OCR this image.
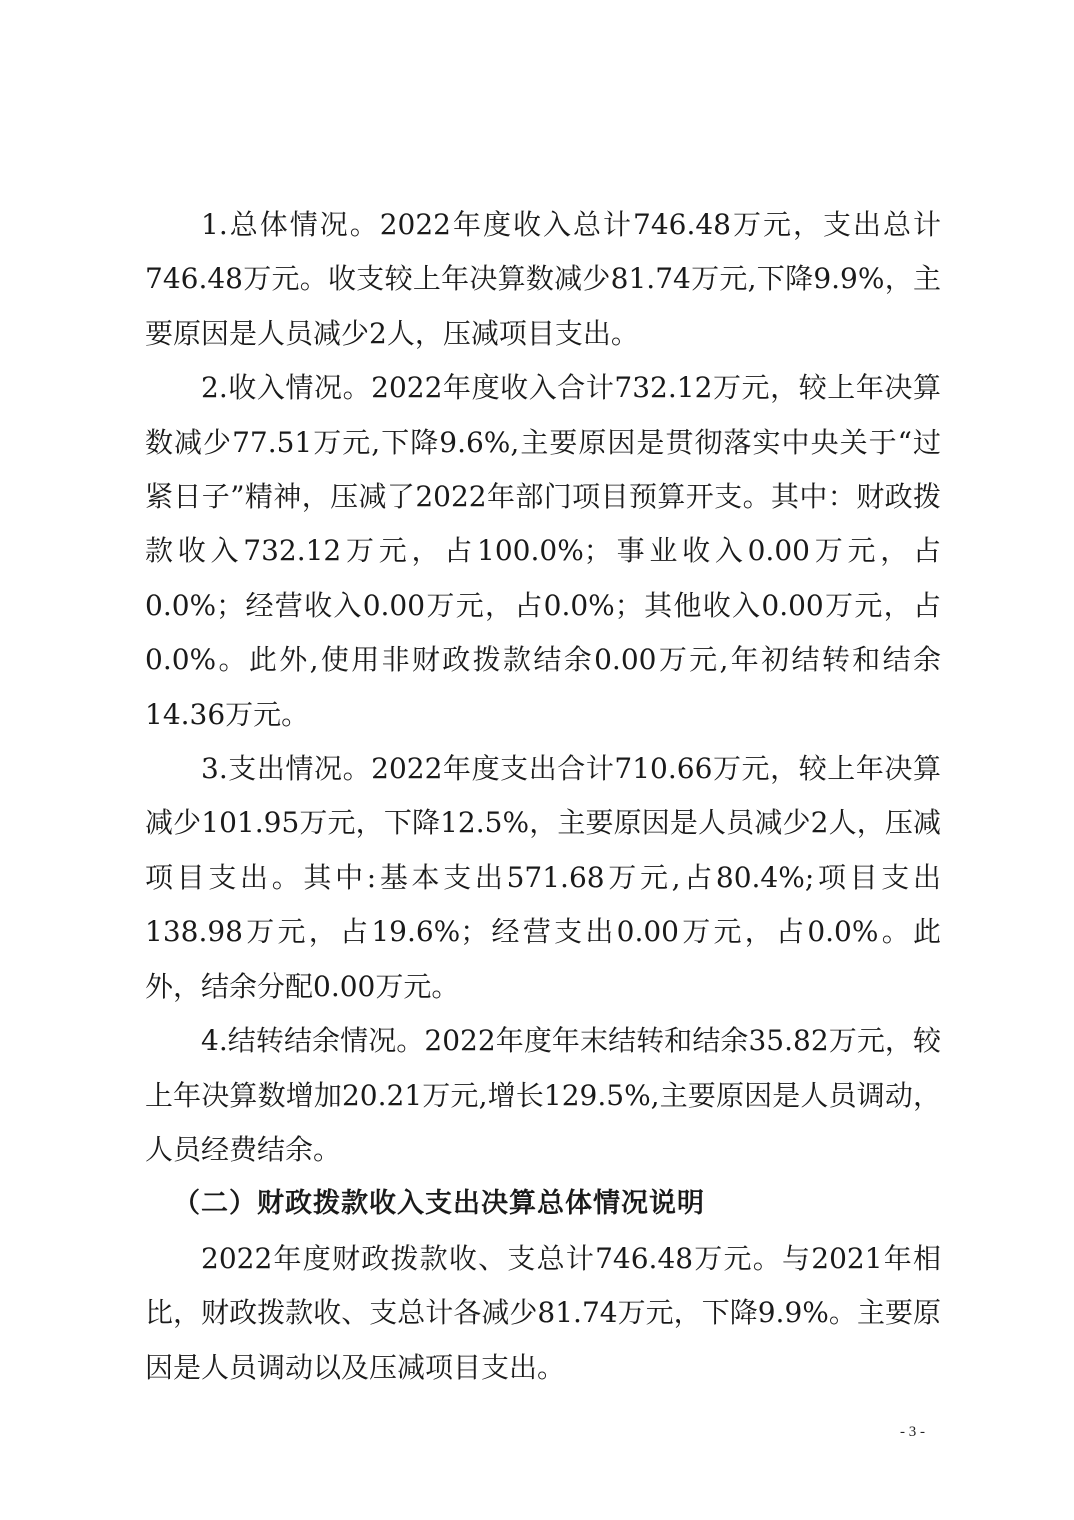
1.总体情况。2022年度收入总计746.48万元，支出总计746.48万元。收支较上年决算数减少81.74万元,下降9.9%，主要原因是人员减少2人，压减项目支出。

2.收入情况。2022年度收入合计732.12万元，较上年决算数减少77.51万元,下降9.6%,主要原因是贯彻落实中央关于“过紧日子”精神，压减了2022年部门项目预算开支。其中：财政拨款收入732.12万元，占100.0%；事业收入0.00万元，占0.0%；经营收入0.00万元，占0.0%；其他收入0.00万元，占0.0%。此外,使用非财政拨款结余0.00万元,年初结转和结余14.36万元。

3.支出情况。2022年度支出合计710.66万元，较上年决算减少101.95万元，下降12.5%，主要原因是人员减少2人，压减项目支出。其中:基本支出571.68万元,占80.4%;项目支出138.98万元，占19.6%；经营支出0.00万元，占0.0%。此外，结余分配0.00万元。

4.结转结余情况。2022年度年末结转和结余35.82万元，较上年决算数增加20.21万元,增长129.5%,主要原因是人员调动，人员经费结余。

（二）财政拨款收入支出决算总体情况说明

2022年度财政拨款收、支总计746.48万元。与2021年相比，财政拨款收、支总计各减少81.74万元，下降9.9%。主要原因是人员调动以及压减项目支出。

- 3 -
